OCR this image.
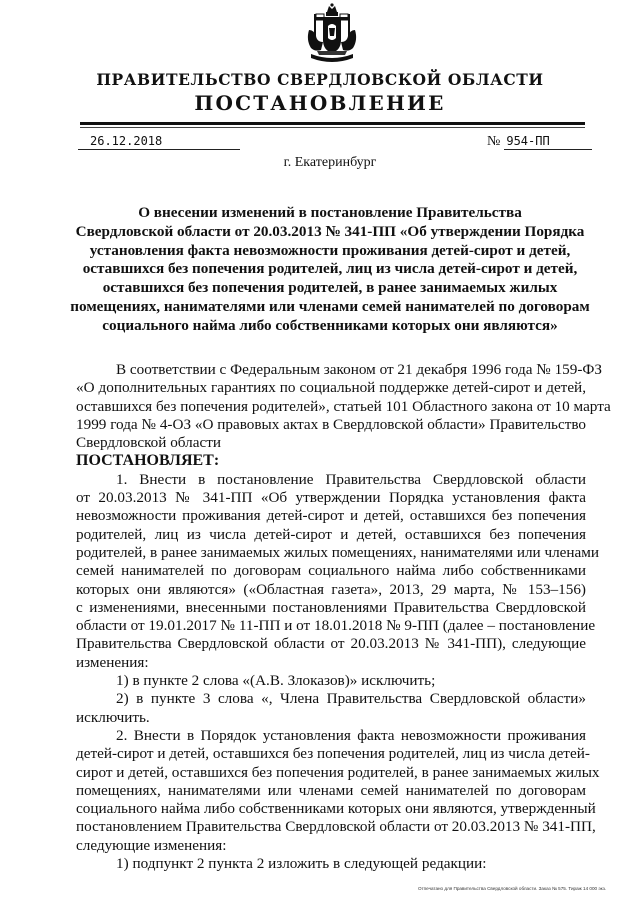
ПРАВИТЕЛЬСТВО СВЕРДЛОВСКОЙ ОБЛАСТИ
ПОСТАНОВЛЕНИЕ
26.12.2018	№ 954-ПП
г. Екатеринбург
О внесении изменений в постановление Правительства
Свердловской области от 20.03.2013 № 341-ПП «Об утверждении Порядка
установления факта невозможности проживания детей-сирот и детей,
оставшихся без попечения родителей, лиц из числа детей-сирот и детей,
оставшихся без попечения родителей, в ранее занимаемых жилых
помещениях, нанимателями или членами семей нанимателей по договорам
социального найма либо собственниками которых они являются»
В соответствии с Федеральным законом от 21 декабря 1996 года № 159-ФЗ
«О дополнительных гарантиях по социальной поддержке детей-сирот и детей,
оставшихся без попечения родителей», статьей 101 Областного закона от 10 марта
1999 года № 4-ОЗ «О правовых актах в Свердловской области» Правительство
Свердловской области
ПОСТАНОВЛЯЕТ:
1. Внести в постановление Правительства Свердловской области
от 20.03.2013 № 341-ПП «Об утверждении Порядка установления факта
невозможности проживания детей-сирот и детей, оставшихся без попечения
родителей, лиц из числа детей-сирот и детей, оставшихся без попечения
родителей, в ранее занимаемых жилых помещениях, нанимателями или членами
семей нанимателей по договорам социального найма либо собственниками
которых они являются» («Областная газета», 2013, 29 марта, № 153–156)
с изменениями, внесенными постановлениями Правительства Свердловской
области от 19.01.2017 № 11-ПП и от 18.01.2018 № 9-ПП (далее – постановление
Правительства Свердловской области от 20.03.2013 № 341-ПП), следующие
изменения:
1) в пункте 2 слова «(А.В. Злоказов)» исключить;
2) в пункте 3 слова «, Члена Правительства Свердловской области»
исключить.
2. Внести в Порядок установления факта невозможности проживания
детей-сирот и детей, оставшихся без попечения родителей, лиц из числа детей-
сирот и детей, оставшихся без попечения родителей, в ранее занимаемых жилых
помещениях, нанимателями или членами семей нанимателей по договорам
социального найма либо собственниками которых они являются, утвержденный
постановлением Правительства Свердловской области от 20.03.2013 № 341-ПП,
следующие изменения:
1) подпункт 2 пункта 2 изложить в следующей редакции:
Отпечатано для Правительства Свердловской области. Заказ № 575. Тираж 14 000 экз.
